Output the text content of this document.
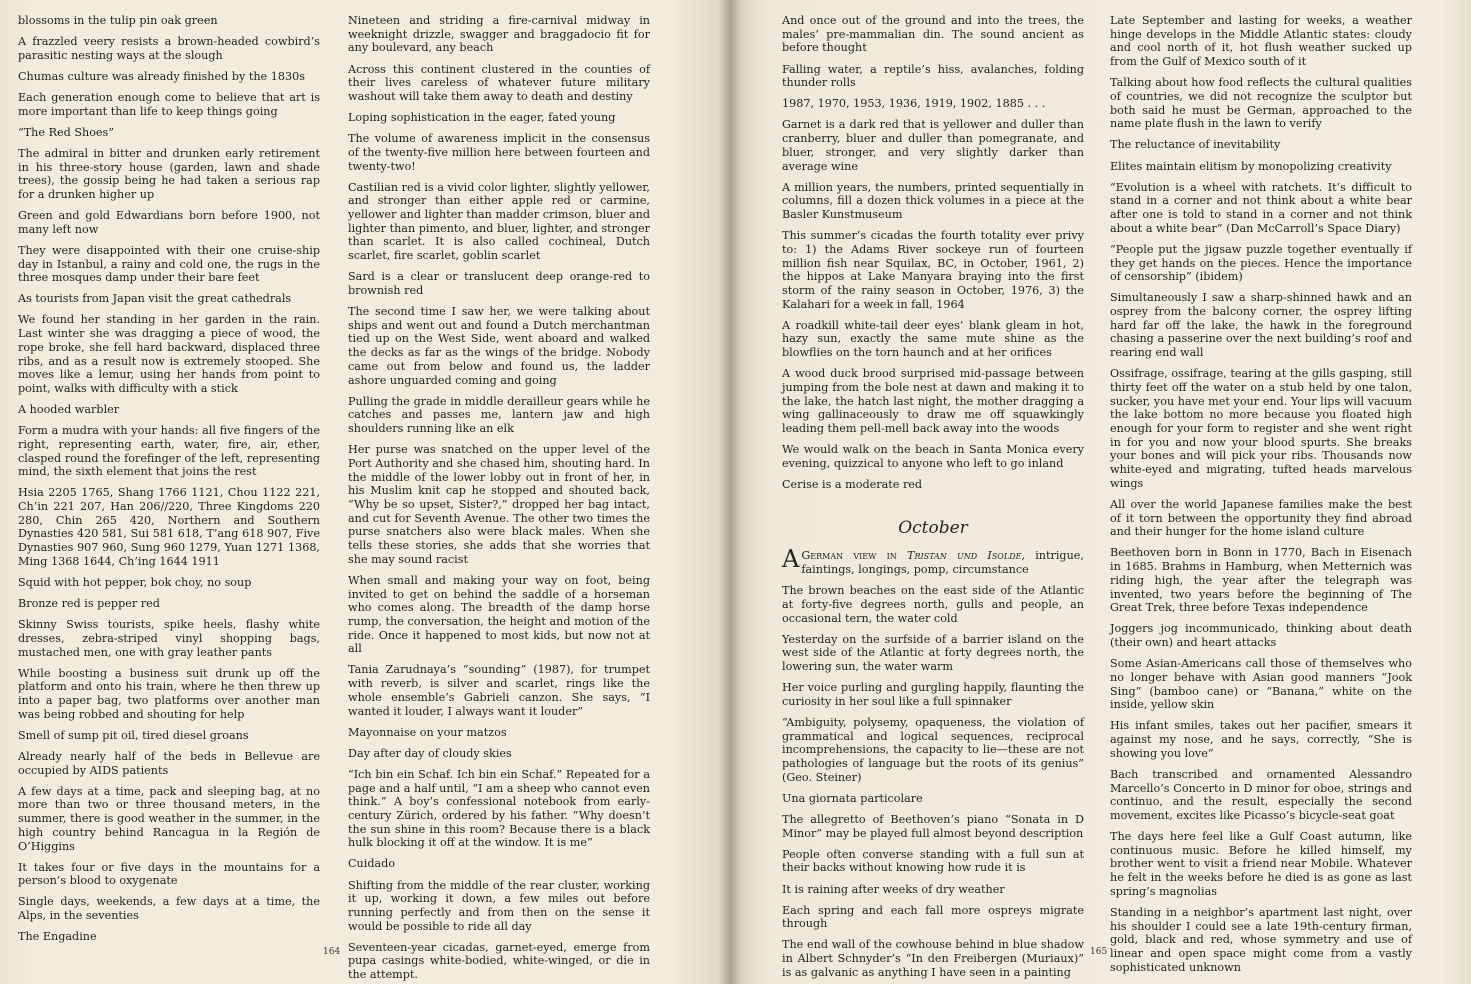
blossoms in the tulip pin oak green

A frazzled veery resists a brown-headed cowbird’s parasitic nesting ways at the slough

Chumas culture was already finished by the 1830s

Each generation enough come to believe that art is more important than life to keep things going

“The Red Shoes”

The admiral in bitter and drunken early retirement in his three-story house (garden, lawn and shade trees), the gossip being he had taken a serious rap for a drunken higher up

Green and gold Edwardians born before 1900, not many left now

They were disappointed with their one cruise-ship day in Istanbul, a rainy and cold one, the rugs in the three mosques damp under their bare feet

As tourists from Japan visit the great cathedrals

We found her standing in her garden in the rain. Last winter she was dragging a piece of wood, the rope broke, she fell hard backward, displaced three ribs, and as a result now is extremely stooped. She moves like a lemur, using her hands from point to point, walks with difficulty with a stick

A hooded warbler

Form a mudra with your hands: all five fingers of the right, representing earth, water, fire, air, ether, clasped round the forefinger of the left, representing mind, the sixth element that joins the rest

Hsia 2205 1765, Shang 1766 1121, Chou 1122 221, Ch’in 221 207, Han 206//220, Three Kingdoms 220 280, Chin 265 420, Northern and Southern Dynasties 420 581, Sui 581 618, T’ang 618 907, Five Dynasties 907 960, Sung 960 1279, Yuan 1271 1368, Ming 1368 1644, Ch’ing 1644 1911

Squid with hot pepper, bok choy, no soup

Bronze red is pepper red

Skinny Swiss tourists, spike heels, flashy white dresses, zebra-striped vinyl shopping bags, mustached men, one with gray leather pants

While boosting a business suit drunk up off the platform and onto his train, where he then threw up into a paper bag, two platforms over another man was being robbed and shouting for help

Smell of sump pit oil, tired diesel groans

Already nearly half of the beds in Bellevue are occupied by AIDS patients

A few days at a time, pack and sleeping bag, at no more than two or three thousand meters, in the summer, there is good weather in the summer, in the high country behind Rancagua in la Región de O’Higgins

It takes four or five days in the mountains for a person’s blood to oxygenate

Single days, weekends, a few days at a time, the Alps, in the seventies

The Engadine

Nineteen and striding a fire-carnival midway in weeknight drizzle, swagger and braggadocio fit for any boulevard, any beach

Across this continent clustered in the counties of their lives careless of whatever future military washout will take them away to death and destiny

Loping sophistication in the eager, fated young

The volume of awareness implicit in the consensus of the twenty-five million here between fourteen and twenty-two!

Castilian red is a vivid color lighter, slightly yellower, and stronger than either apple red or carmine, yellower and lighter than madder crimson, bluer and lighter than pimento, and bluer, lighter, and stronger than scarlet. It is also called cochineal, Dutch scarlet, fire scarlet, goblin scarlet

Sard is a clear or translucent deep orange-red to brownish red

The second time I saw her, we were talking about ships and went out and found a Dutch merchantman tied up on the West Side, went aboard and walked the decks as far as the wings of the bridge. Nobody came out from below and found us, the ladder ashore unguarded coming and going

Pulling the grade in middle derailleur gears while he catches and passes me, lantern jaw and high shoulders running like an elk

Her purse was snatched on the upper level of the Port Authority and she chased him, shouting hard. In the middle of the lower lobby out in front of her, in his Muslim knit cap he stopped and shouted back, “Why be so upset, Sister?,” dropped her bag intact, and cut for Seventh Avenue. The other two times the purse snatchers also were black males. When she tells these stories, she adds that she worries that she may sound racist

When small and making your way on foot, being invited to get on behind the saddle of a horseman who comes along. The breadth of the damp horse rump, the conversation, the height and motion of the ride. Once it happened to most kids, but now not at all

Tania Zarudnaya’s “sounding” (1987), for trumpet with reverb, is silver and scarlet, rings like the whole ensemble’s Gabrieli canzon. She says, “I wanted it louder, I always want it louder”

Mayonnaise on your matzos

Day after day of cloudy skies

“Ich bin ein Schaf. Ich bin ein Schaf.” Repeated for a page and a half until, “I am a sheep who cannot even think.” A boy’s confessional notebook from early-century Zürich, ordered by his father. “Why doesn’t the sun shine in this room? Because there is a black hulk blocking it off at the window. It is me”

Cuidado

Shifting from the middle of the rear cluster, working it up, working it down, a few miles out before running perfectly and from then on the sense it would be possible to ride all day

Seventeen-year cicadas, garnet-eyed, emerge from pupa casings white-bodied, white-winged, or die in the attempt.

164	165

And once out of the ground and into the trees, the males’ pre-mammalian din. The sound ancient as before thought

Falling water, a reptile’s hiss, avalanches, folding thunder rolls

1987, 1970, 1953, 1936, 1919, 1902, 1885 . . .

Garnet is a dark red that is yellower and duller than cranberry, bluer and duller than pomegranate, and bluer, stronger, and very slightly darker than average wine

A million years, the numbers, printed sequentially in columns, fill a dozen thick volumes in a piece at the Basler Kunstmuseum

This summer’s cicadas the fourth totality ever privy to: 1) the Adams River sockeye run of fourteen million fish near Squilax, BC, in October, 1961, 2) the hippos at Lake Manyara braying into the first storm of the rainy season in October, 1976, 3) the Kalahari for a week in fall, 1964

A roadkill white-tail deer eyes’ blank gleam in hot, hazy sun, exactly the same mute shine as the blowflies on the torn haunch and at her orifices

A wood duck brood surprised mid-passage between jumping from the bole nest at dawn and making it to the lake, the hatch last night, the mother dragging a wing gallinaceously to draw me off squawkingly leading them pell-mell back away into the woods

We would walk on the beach in Santa Monica every evening, quizzical to anyone who left to go inland

Cerise is a moderate red

October

A German view in Tristan und Isolde, intrigue, faintings, longings, pomp, circumstance

The brown beaches on the east side of the Atlantic at forty-five degrees north, gulls and people, an occasional tern, the water cold

Yesterday on the surfside of a barrier island on the west side of the Atlantic at forty degrees north, the lowering sun, the water warm

Her voice purling and gurgling happily, flaunting the curiosity in her soul like a full spinnaker

“Ambiguity, polysemy, opaqueness, the violation of grammatical and logical sequences, reciprocal incomprehensions, the capacity to lie—these are not pathologies of language but the roots of its genius” (Geo. Steiner)

Una giornata particolare

The allegretto of Beethoven’s piano “Sonata in D Minor” may be played full almost beyond description

People often converse standing with a full sun at their backs without knowing how rude it is

It is raining after weeks of dry weather

Each spring and each fall more ospreys migrate through

The end wall of the cowhouse behind in blue shadow in Albert Schnyder’s “In den Freibergen (Muriaux)” is as galvanic as anything I have seen in a painting

Late September and lasting for weeks, a weather hinge develops in the Middle Atlantic states: cloudy and cool north of it, hot flush weather sucked up from the Gulf of Mexico south of it

Talking about how food reflects the cultural qualities of countries, we did not recognize the sculptor but both said he must be German, approached to the name plate flush in the lawn to verify

The reluctance of inevitability

Elites maintain elitism by monopolizing creativity

“Evolution is a wheel with ratchets. It’s difficult to stand in a corner and not think about a white bear after one is told to stand in a corner and not think about a white bear” (Dan McCarroll’s Space Diary)

“People put the jigsaw puzzle together eventually if they get hands on the pieces. Hence the importance of censorship” (ibidem)

Simultaneously I saw a sharp-shinned hawk and an osprey from the balcony corner, the osprey lifting hard far off the lake, the hawk in the foreground chasing a passerine over the next building’s roof and rearing end wall

Ossifrage, ossifrage, tearing at the gills gasping, still thirty feet off the water on a stub held by one talon, sucker, you have met your end. Your lips will vacuum the lake bottom no more because you floated high enough for your form to register and she went right in for you and now your blood spurts. She breaks your bones and will pick your ribs. Thousands now white-eyed and migrating, tufted heads marvelous wings

All over the world Japanese families make the best of it torn between the opportunity they find abroad and their hunger for the home island culture

Beethoven born in Bonn in 1770, Bach in Eisenach in 1685. Brahms in Hamburg, when Metternich was riding high, the year after the telegraph was invented, two years before the beginning of The Great Trek, three before Texas independence

Joggers jog incommunicado, thinking about death (their own) and heart attacks

Some Asian-Americans call those of themselves who no longer behave with Asian good manners “Jook Sing” (bamboo cane) or “Banana,” white on the inside, yellow skin

His infant smiles, takes out her pacifier, smears it against my nose, and he says, correctly, “She is showing you love”

Bach transcribed and ornamented Alessandro Marcello’s Concerto in D minor for oboe, strings and continuo, and the result, especially the second movement, excites like Picasso’s bicycle-seat goat

The days here feel like a Gulf Coast autumn, like continuous music. Before he killed himself, my brother went to visit a friend near Mobile. Whatever he felt in the weeks before he died is as gone as last spring’s magnolias

Standing in a neighbor’s apartment last night, over his shoulder I could see a late 19th-century firman, gold, black and red, whose symmetry and use of linear and open space might come from a vastly sophisticated unknown
